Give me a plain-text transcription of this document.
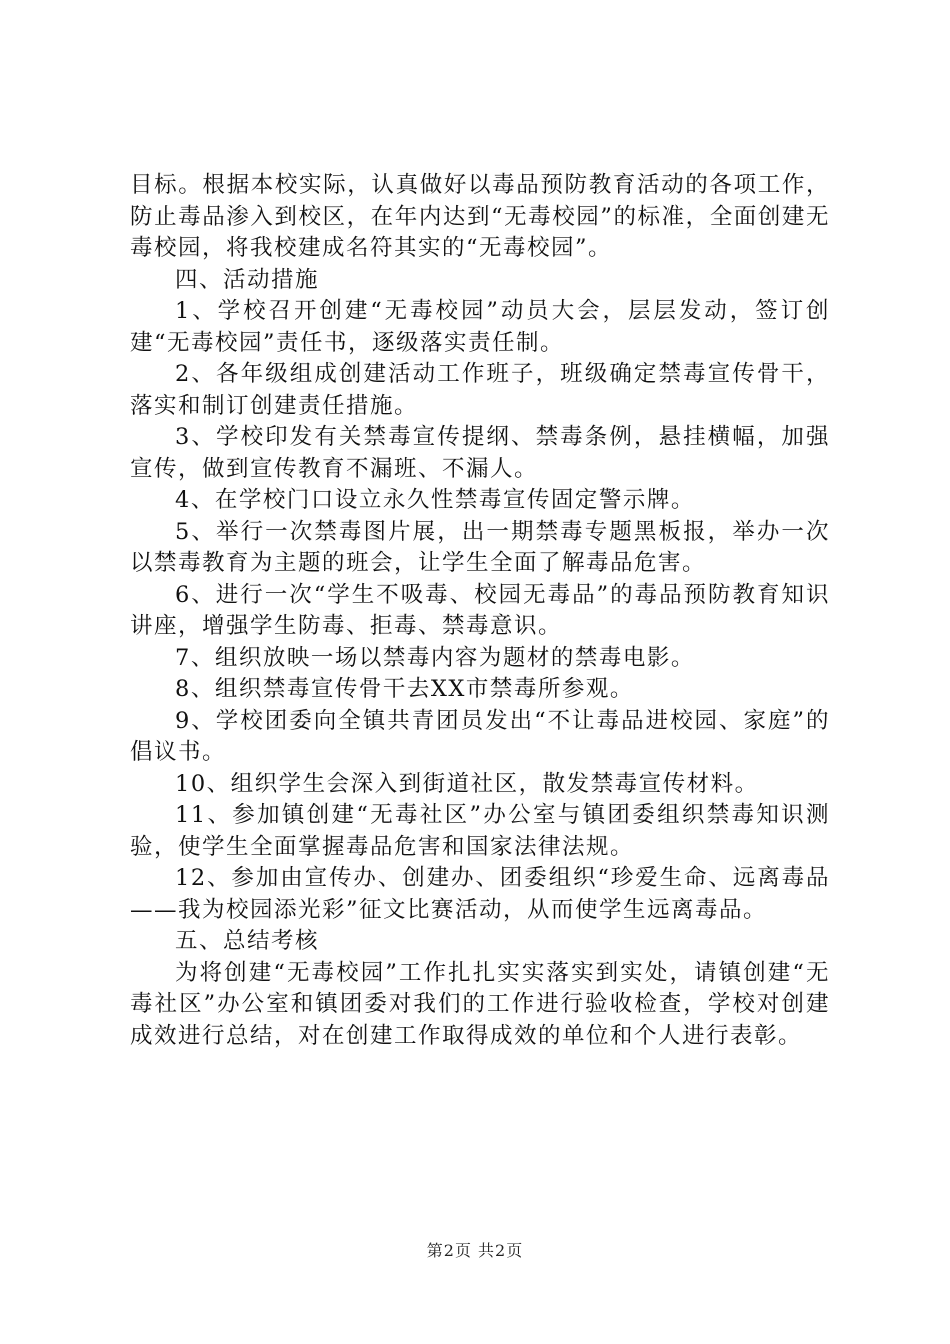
目标。根据本校实际，认真做好以毒品预防教育活动的各项工作，防止毒品渗入到校区，在年内达到“无毒校园”的标准，全面创建无毒校园，将我校建成名符其实的“无毒校园”。

四、活动措施

1、学校召开创建“无毒校园”动员大会，层层发动，签订创建“无毒校园”责任书，逐级落实责任制。

2、各年级组成创建活动工作班子，班级确定禁毒宣传骨干，落实和制订创建责任措施。

3、学校印发有关禁毒宣传提纲、禁毒条例，悬挂横幅，加强宣传，做到宣传教育不漏班、不漏人。

4、在学校门口设立永久性禁毒宣传固定警示牌。

5、举行一次禁毒图片展，出一期禁毒专题黑板报，举办一次以禁毒教育为主题的班会，让学生全面了解毒品危害。

6、进行一次“学生不吸毒、校园无毒品”的毒品预防教育知识讲座，增强学生防毒、拒毒、禁毒意识。

7、组织放映一场以禁毒内容为题材的禁毒电影。

8、组织禁毒宣传骨干去XX市禁毒所参观。

9、学校团委向全镇共青团员发出“不让毒品进校园、家庭”的倡议书。

10、组织学生会深入到街道社区，散发禁毒宣传材料。

11、参加镇创建“无毒社区”办公室与镇团委组织禁毒知识测验，使学生全面掌握毒品危害和国家法律法规。

12、参加由宣传办、创建办、团委组织“珍爱生命、远离毒品——我为校园添光彩”征文比赛活动，从而使学生远离毒品。

五、总结考核

为将创建“无毒校园”工作扎扎实实落实到实处，请镇创建“无毒社区”办公室和镇团委对我们的工作进行验收检查，学校对创建成效进行总结，对在创建工作取得成效的单位和个人进行表彰。

第2页 共2页
